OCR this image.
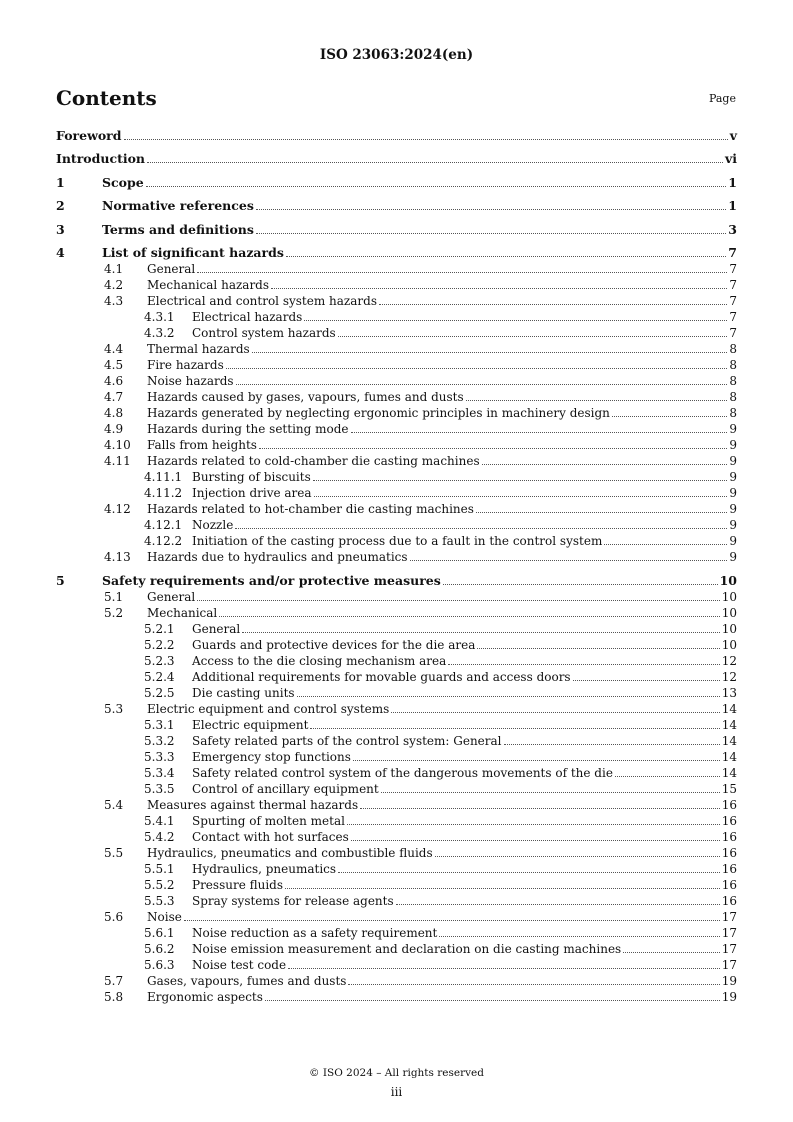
ISO 23063:2024(en)
Contents	Page
Foreword	v
Introduction	vi
1	Scope	1
2	Normative references	1
3	Terms and definitions	3
4	List of significant hazards	7
4.1 General	7
4.2 Mechanical hazards	7
4.3 Electrical and control system hazards	7
4.3.1 Electrical hazards	7
4.3.2 Control system hazards	7
4.4 Thermal hazards	8
4.5 Fire hazards	8
4.6 Noise hazards	8
4.7 Hazards caused by gases, vapours, fumes and dusts	8
4.8 Hazards generated by neglecting ergonomic principles in machinery design	8
4.9 Hazards during the setting mode	9
4.10 Falls from heights	9
4.11 Hazards related to cold-chamber die casting machines	9
4.11.1 Bursting of biscuits	9
4.11.2 Injection drive area	9
4.12 Hazards related to hot-chamber die casting machines	9
4.12.1 Nozzle	9
4.12.2 Initiation of the casting process due to a fault in the control system	9
4.13 Hazards due to hydraulics and pneumatics	9
5	Safety requirements and/or protective measures	10
5.1 General	10
5.2 Mechanical	10
5.2.1 General	10
5.2.2 Guards and protective devices for the die area	10
5.2.3 Access to the die closing mechanism area	12
5.2.4 Additional requirements for movable guards and access doors	12
5.2.5 Die casting units	13
5.3 Electric equipment and control systems	14
5.3.1 Electric equipment	14
5.3.2 Safety related parts of the control system: General	14
5.3.3 Emergency stop functions	14
5.3.4 Safety related control system of the dangerous movements of the die	14
5.3.5 Control of ancillary equipment	15
5.4 Measures against thermal hazards	16
5.4.1 Spurting of molten metal	16
5.4.2 Contact with hot surfaces	16
5.5 Hydraulics, pneumatics and combustible fluids	16
5.5.1 Hydraulics, pneumatics	16
5.5.2 Pressure fluids	16
5.5.3 Spray systems for release agents	16
5.6 Noise	17
5.6.1 Noise reduction as a safety requirement	17
5.6.2 Noise emission measurement and declaration on die casting machines	17
5.6.3 Noise test code	17
5.7 Gases, vapours, fumes and dusts	19
5.8 Ergonomic aspects	19
© ISO 2024 – All rights reserved
iii
